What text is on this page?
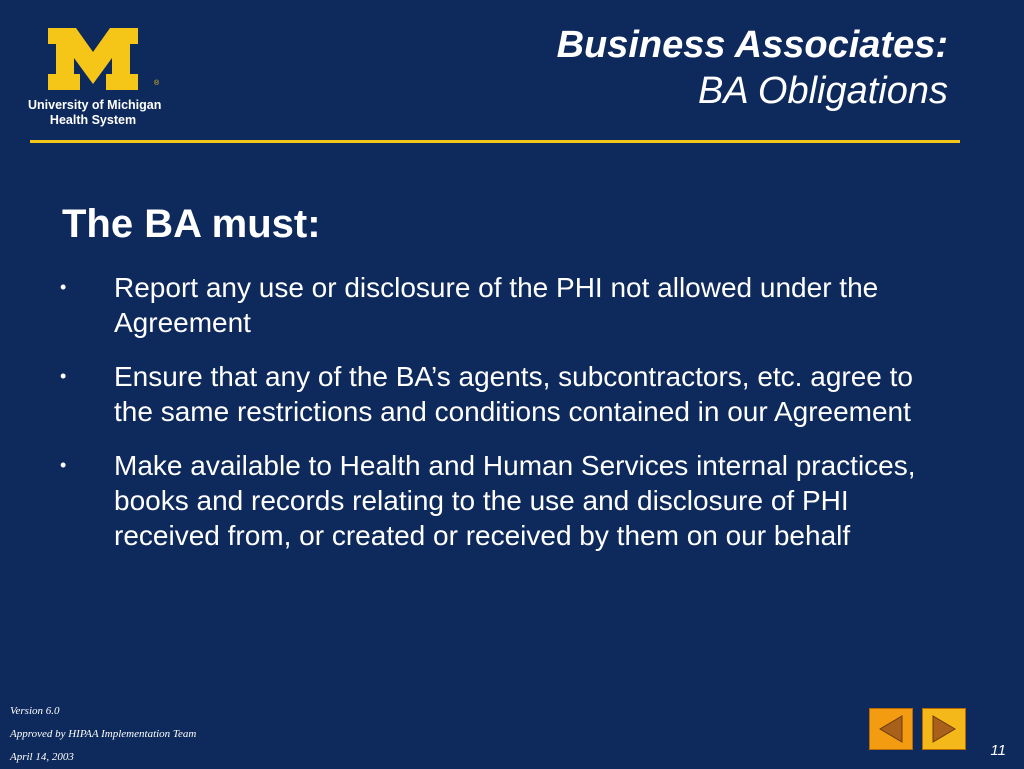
®
University of Michigan
Health System
Business Associates:
BA Obligations
The BA must:
• Report any use or disclosure of the PHI not allowed under the Agreement
• Ensure that any of the BA’s agents, subcontractors, etc. agree to the same restrictions and conditions contained in our Agreement
• Make available to Health and Human Services internal practices, books and records relating to the use and disclosure of PHI received from, or created or received by them on our behalf
Version 6.0
Approved by HIPAA Implementation Team
April 14, 2003	11
